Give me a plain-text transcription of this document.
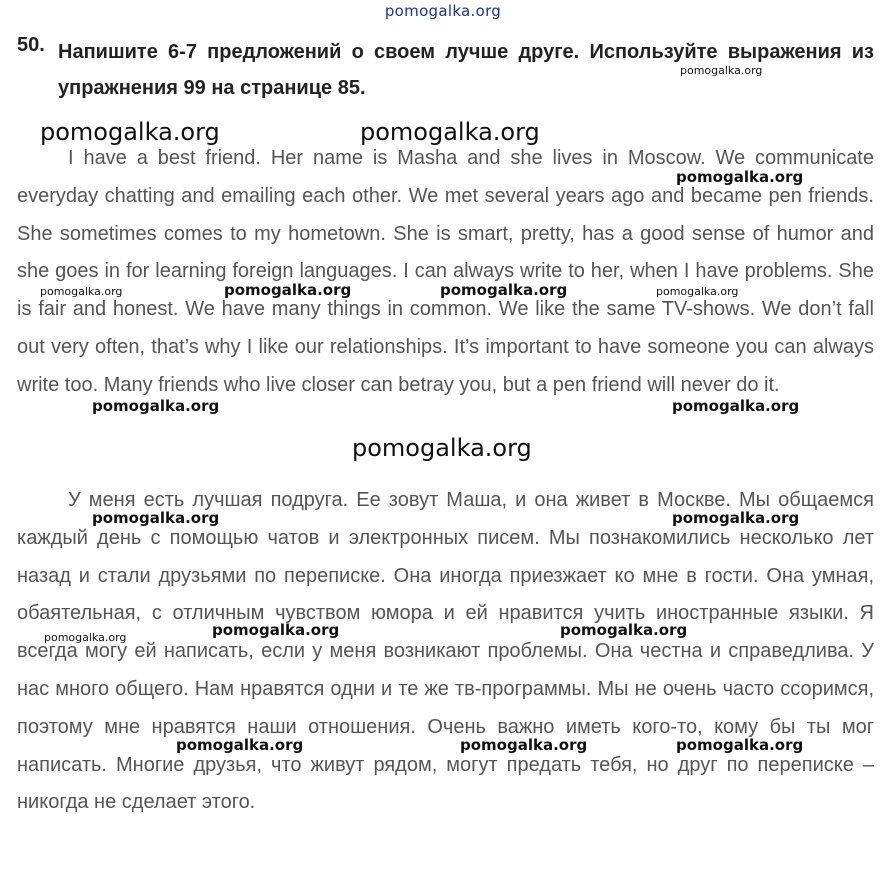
pomogalka.org
50. Напишите 6-7 предложений о своем лучше друге. Используйте выражения из упражнения 99 на странице 85.

I have a best friend. Her name is Masha and she lives in Moscow. We communicate everyday chatting and emailing each other. We met several years ago and became pen friends. She sometimes comes to my hometown. She is smart, pretty, has a good sense of humor and she goes in for learning foreign languages. I can always write to her, when I have problems. She is fair and honest. We have many things in common. We like the same TV-shows. We don’t fall out very often, that’s why I like our relationships. It’s important to have someone you can always write too. Many friends who live closer can betray you, but a pen friend will never do it.

У меня есть лучшая подруга. Ее зовут Маша, и она живет в Москве. Мы общаемся каждый день с помощью чатов и электронных писем. Мы познакомились несколько лет назад и стали друзьями по переписке. Она иногда приезжает ко мне в гости. Она умная, обаятельная, с отличным чувством юмора и ей нравится учить иностранные языки. Я всегда могу ей написать, если у меня возникают проблемы. Она честна и справедлива. У нас много общего. Нам нравятся одни и те же тв-программы. Мы не очень часто ссоримся, поэтому мне нравятся наши отношения. Очень важно иметь кого-то, кому бы ты мог написать. Многие друзья, что живут рядом, могут предать тебя, но друг по переписке – никогда не сделает этого.

pomogalka.org
pomogalka.org	pomogalka.org
pomogalka.org
pomogalka.org	pomogalka.org	pomogalka.org	pomogalka.org
pomogalka.org	pomogalka.org
pomogalka.org
pomogalka.org	pomogalka.org
pomogalka.org	pomogalka.org
pomogalka.org
pomogalka.org	pomogalka.org	pomogalka.org
